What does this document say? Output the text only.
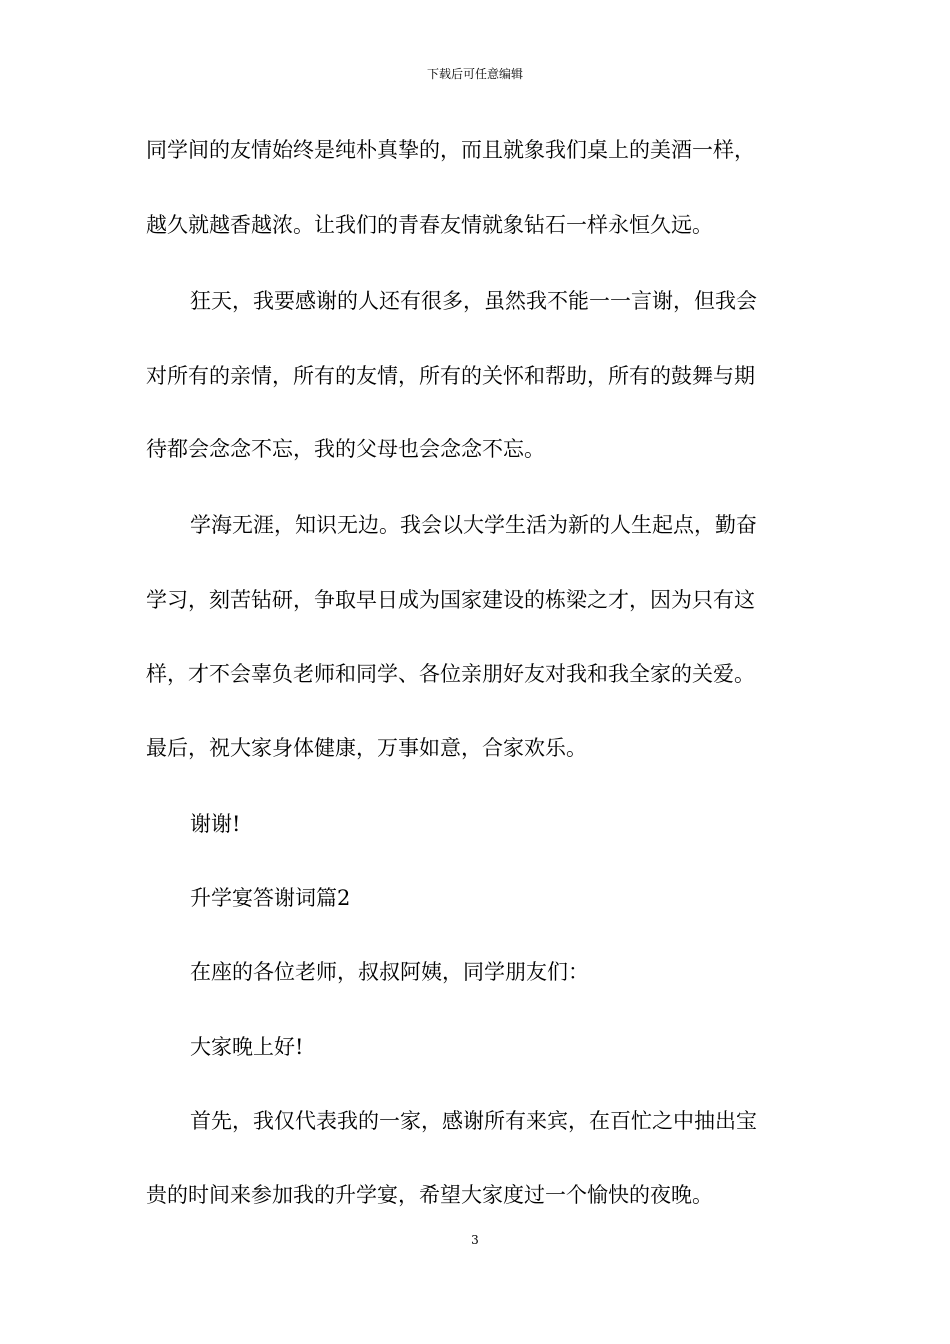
下载后可任意编辑
同学间的友情始终是纯朴真挚的，而且就象我们桌上的美酒一样，
越久就越香越浓。让我们的青春友情就象钻石一样永恒久远。
狂天，我要感谢的人还有很多，虽然我不能一一言谢，但我会
对所有的亲情，所有的友情，所有的关怀和帮助，所有的鼓舞与期
待都会念念不忘，我的父母也会念念不忘。
学海无涯，知识无边。我会以大学生活为新的人生起点，勤奋
学习，刻苦钻研，争取早日成为国家建设的栋梁之才，因为只有这
样，才不会辜负老师和同学、各位亲朋好友对我和我全家的关爱。
最后，祝大家身体健康，万事如意，合家欢乐。
谢谢!
升学宴答谢词篇2
在座的各位老师，叔叔阿姨，同学朋友们：
大家晚上好!
首先，我仅代表我的一家，感谢所有来宾，在百忙之中抽出宝
贵的时间来参加我的升学宴，希望大家度过一个愉快的夜晚。
3
